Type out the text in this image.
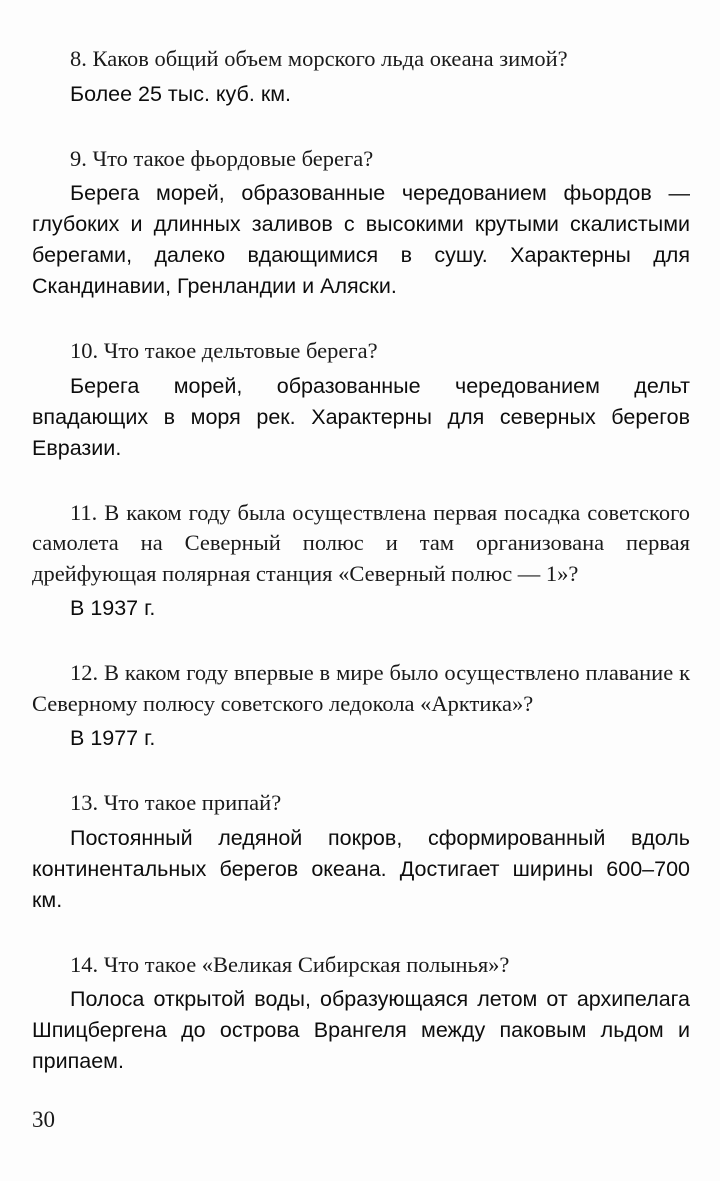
8. Каков общий объем морского льда океана зимой?

Более 25 тыс. куб. км.

9. Что такое фьордовые берега?

Берега морей, образованные чередованием фьордов — глубоких и длинных заливов с высокими крутыми скалистыми берегами, далеко вдающимися в сушу. Характерны для Скандинавии, Гренландии и Аляски.

10. Что такое дельтовые берега?

Берега морей, образованные чередованием дельт впадающих в моря рек. Характерны для северных берегов Евразии.

11. В каком году была осуществлена первая посадка советского самолета на Северный полюс и там организована первая дрейфующая полярная станция «Северный полюс — 1»?

В 1937 г.

12. В каком году впервые в мире было осуществлено плавание к Северному полюсу советского ледокола «Арктика»?

В 1977 г.

13. Что такое припай?

Постоянный ледяной покров, сформированный вдоль континентальных берегов океана. Достигает ширины 600–700 км.

14. Что такое «Великая Сибирская полынья»?

Полоса открытой воды, образующаяся летом от архипелага Шпицбергена до острова Врангеля между паковым льдом и припаем.

30
